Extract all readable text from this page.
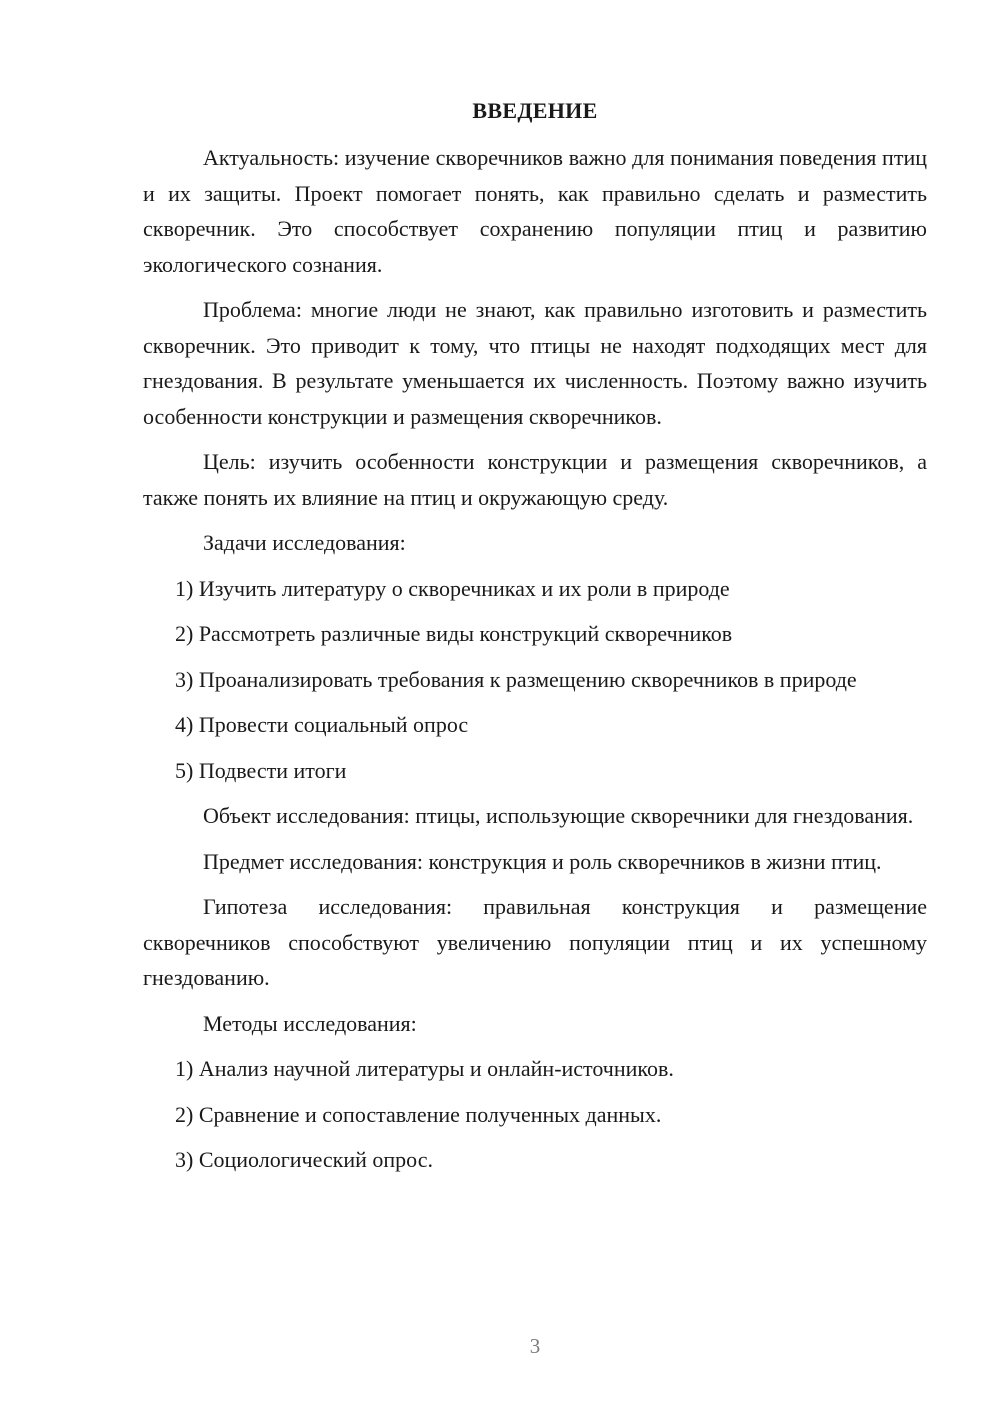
ВВЕДЕНИЕ
Актуальность: изучение скворечников важно для понимания поведения птиц и их защиты. Проект помогает понять, как правильно сделать и разместить скворечник. Это способствует сохранению популяции птиц и развитию экологического сознания.
Проблема: многие люди не знают, как правильно изготовить и разместить скворечник. Это приводит к тому, что птицы не находят подходящих мест для гнездования. В результате уменьшается их численность. Поэтому важно изучить особенности конструкции и размещения скворечников.
Цель: изучить особенности конструкции и размещения скворечников, а также понять их влияние на птиц и окружающую среду.
Задачи исследования:
1) Изучить литературу о скворечниках и их роли в природе
2) Рассмотреть различные виды конструкций скворечников
3) Проанализировать требования к размещению скворечников в природе
4) Провести социальный опрос
5) Подвести итоги
Объект исследования: птицы, использующие скворечники для гнездования.
Предмет исследования: конструкция и роль скворечников в жизни птиц.
Гипотеза исследования: правильная конструкция и размещение скворечников способствуют увеличению популяции птиц и их успешному гнездованию.
Методы исследования:
1) Анализ научной литературы и онлайн-источников.
2) Сравнение и сопоставление полученных данных.
3) Социологический опрос.
3
